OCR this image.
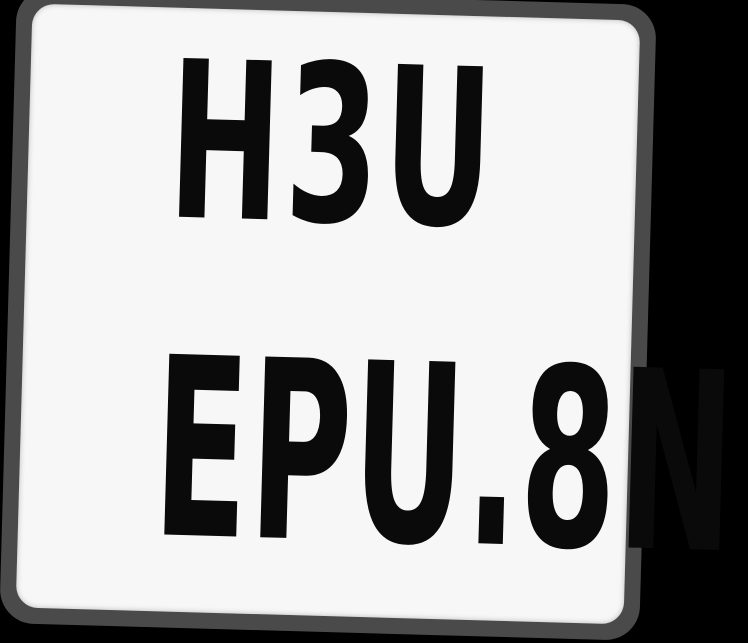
H3U
EPU.8N
